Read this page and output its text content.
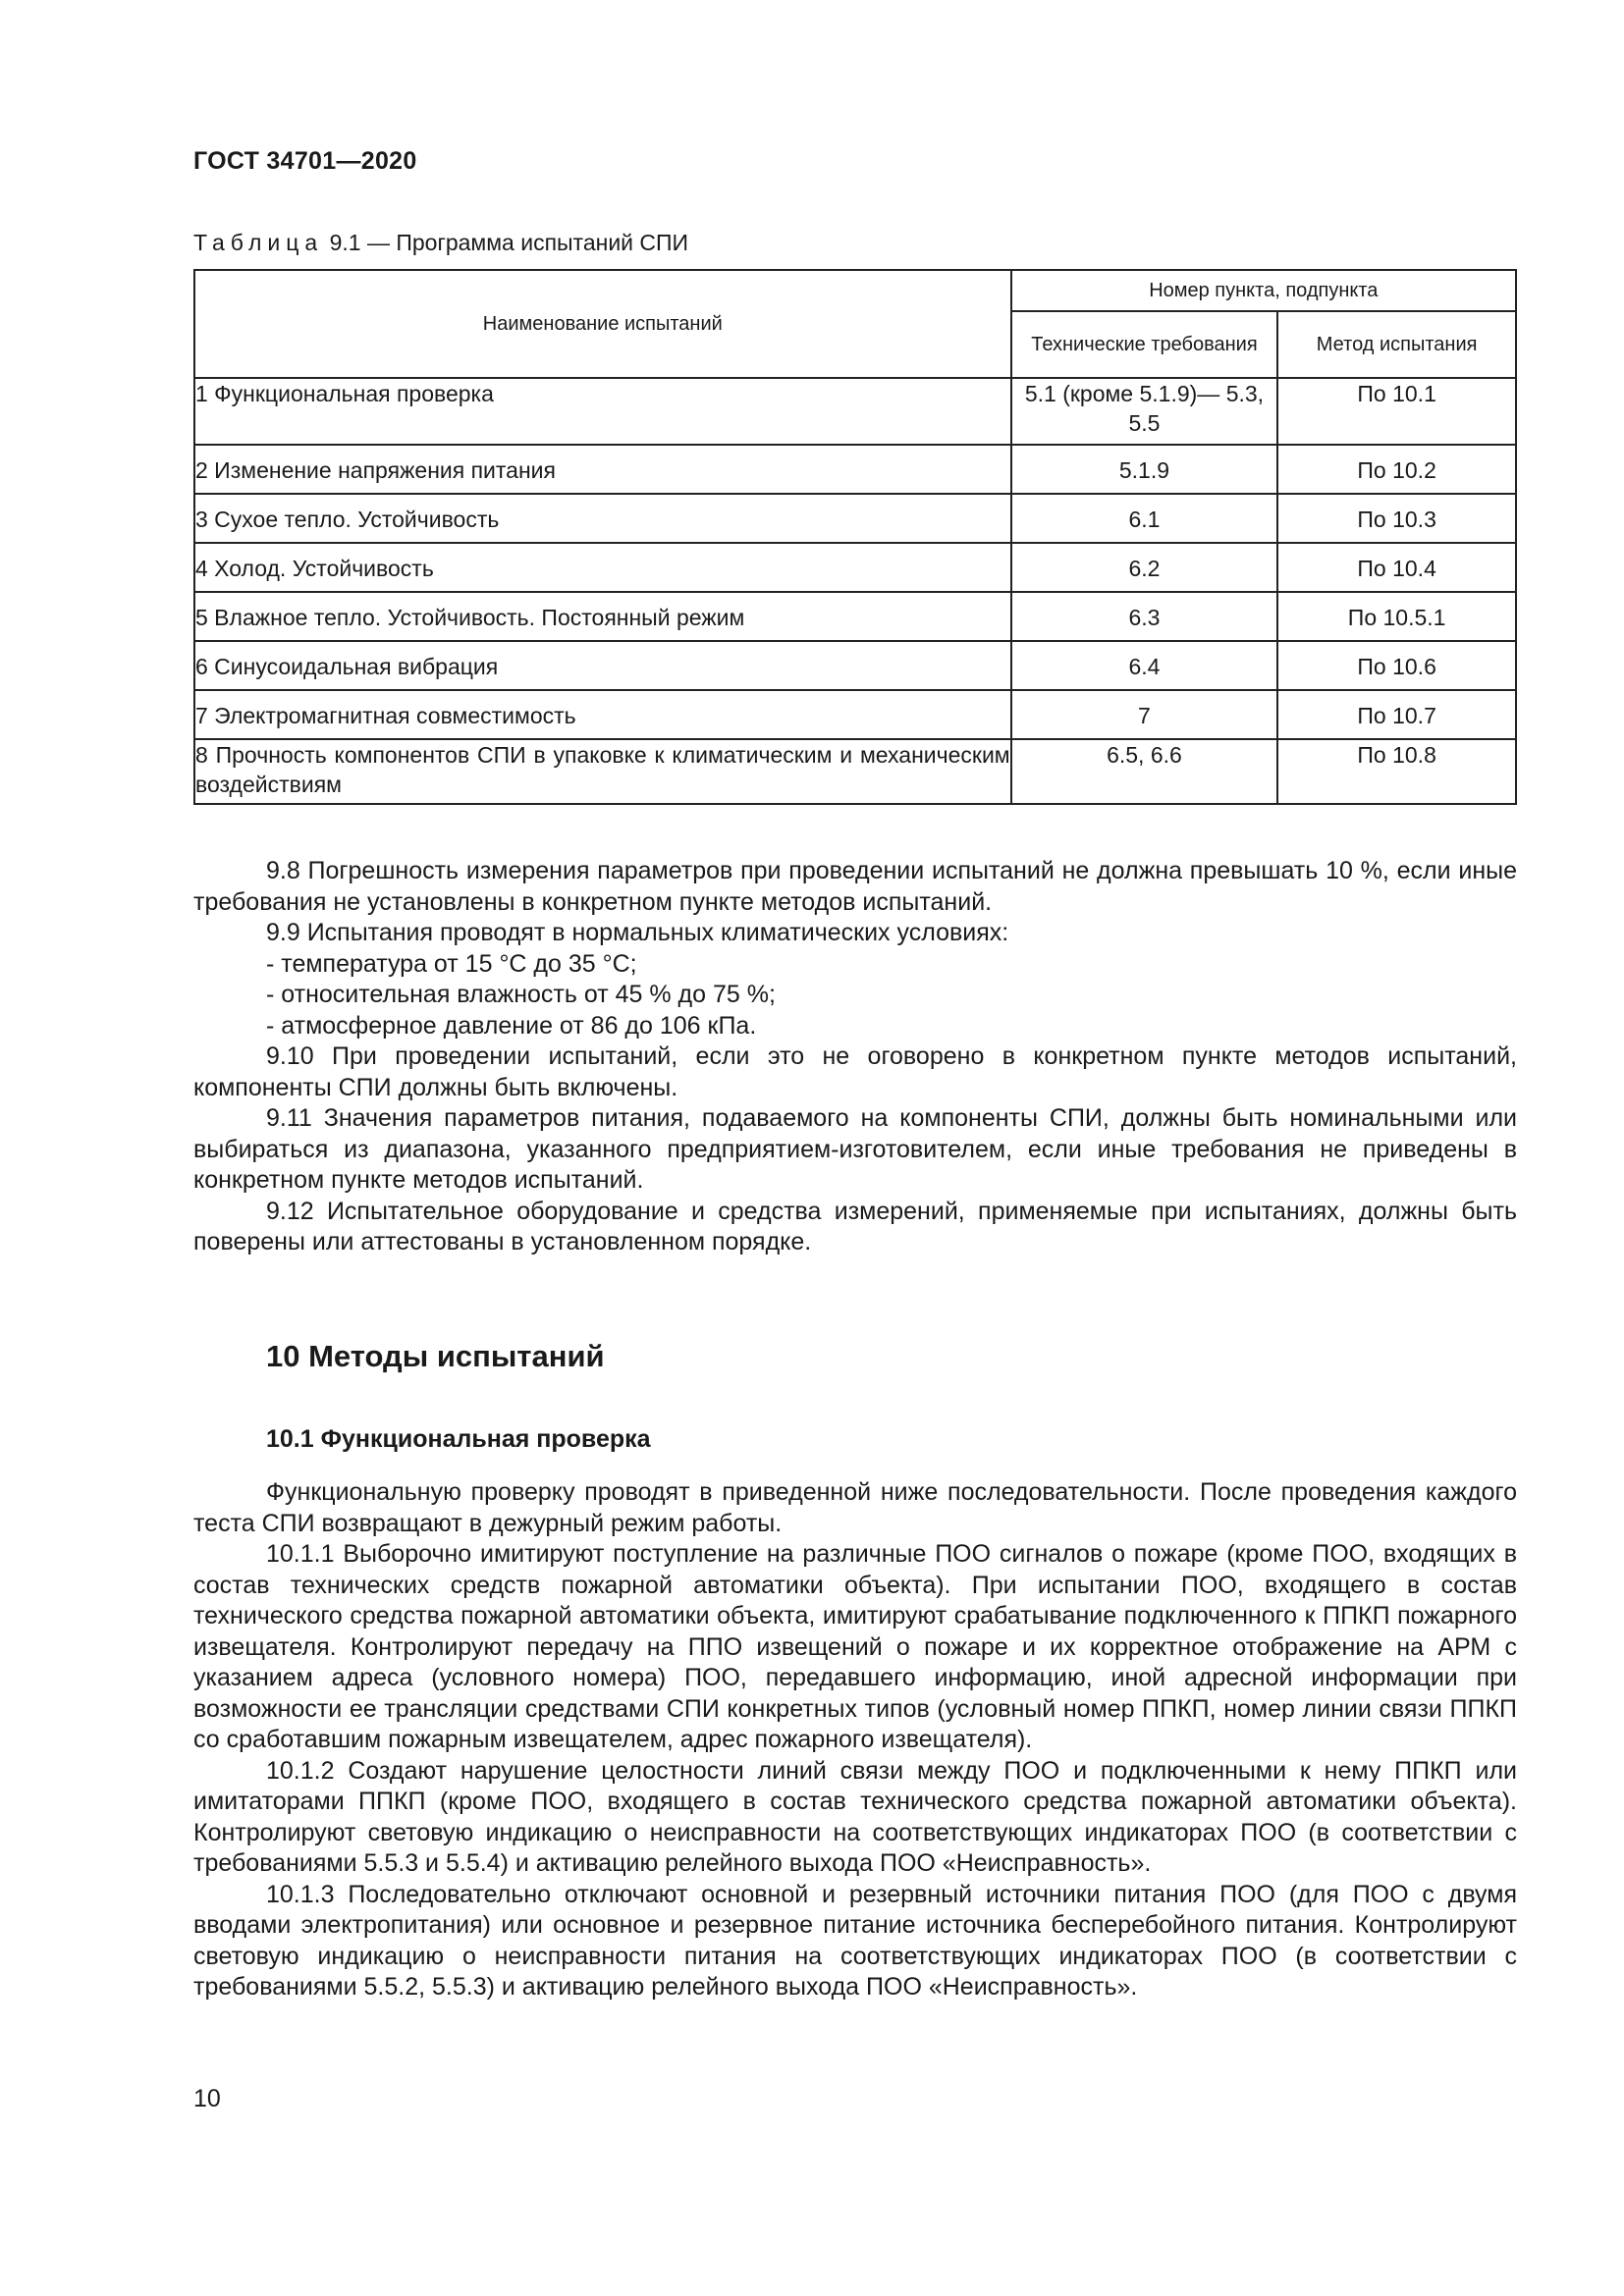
ГОСТ 34701—2020
Таблица 9.1 — Программа испытаний СПИ
Наименование испытаний	Номер пункта, подпункта	
	Технические требования	Метод испытания
1 Функциональная проверка	5.1 (кроме 5.1.9)— 5.3, 5.5	По 10.1
2 Изменение напряжения питания	5.1.9	По 10.2
3 Сухое тепло. Устойчивость	6.1	По 10.3
4 Холод. Устойчивость	6.2	По 10.4
5 Влажное тепло. Устойчивость. Постоянный режим	6.3	По 10.5.1
6 Синусоидальная вибрация	6.4	По 10.6
7 Электромагнитная совместимость	7	По 10.7
8 Прочность компонентов СПИ в упаковке к климатическим и механическим воздействиям	6.5, 6.6	По 10.8

9.8 Погрешность измерения параметров при проведении испытаний не должна превышать 10 %, если иные требования не установлены в конкретном пункте методов испытаний.

9.9 Испытания проводят в нормальных климатических условиях:

- температура от 15 °С до 35 °С;

- относительная влажность от 45 % до 75 %;

- атмосферное давление от 86 до 106 кПа.

9.10 При проведении испытаний, если это не оговорено в конкретном пункте методов испытаний, компоненты СПИ должны быть включены.

9.11 Значения параметров питания, подаваемого на компоненты СПИ, должны быть номинальными или выбираться из диапазона, указанного предприятием-изготовителем, если иные требования не приведены в конкретном пункте методов испытаний.

9.12 Испытательное оборудование и средства измерений, применяемые при испытаниях, должны быть поверены или аттестованы в установленном порядке.

10 Методы испытаний
10.1 Функциональная проверка

Функциональную проверку проводят в приведенной ниже последовательности. После проведения каждого теста СПИ возвращают в дежурный режим работы.

10.1.1 Выборочно имитируют поступление на различные ПОО сигналов о пожаре (кроме ПОО, входящих в состав технических средств пожарной автоматики объекта). При испытании ПОО, входящего в состав технического средства пожарной автоматики объекта, имитируют срабатывание подключенного к ППКП пожарного извещателя. Контролируют передачу на ППО извещений о пожаре и их корректное отображение на АРМ с указанием адреса (условного номера) ПОО, передавшего информацию, иной адресной информации при возможности ее трансляции средствами СПИ конкретных типов (условный номер ППКП, номер линии связи ППКП со сработавшим пожарным извещателем, адрес пожарного извещателя).

10.1.2 Создают нарушение целостности линий связи между ПОО и подключенными к нему ППКП или имитаторами ППКП (кроме ПОО, входящего в состав технического средства пожарной автоматики объекта). Контролируют световую индикацию о неисправности на соответствующих индикаторах ПОО (в соответствии с требованиями 5.5.3 и 5.5.4) и активацию релейного выхода ПОО «Неисправность».

10.1.3 Последовательно отключают основной и резервный источники питания ПОО (для ПОО с двумя вводами электропитания) или основное и резервное питание источника бесперебойного питания. Контролируют световую индикацию о неисправности питания на соответствующих индикаторах ПОО (в соответствии с требованиями 5.5.2, 5.5.3) и активацию релейного выхода ПОО «Неисправность».

10
